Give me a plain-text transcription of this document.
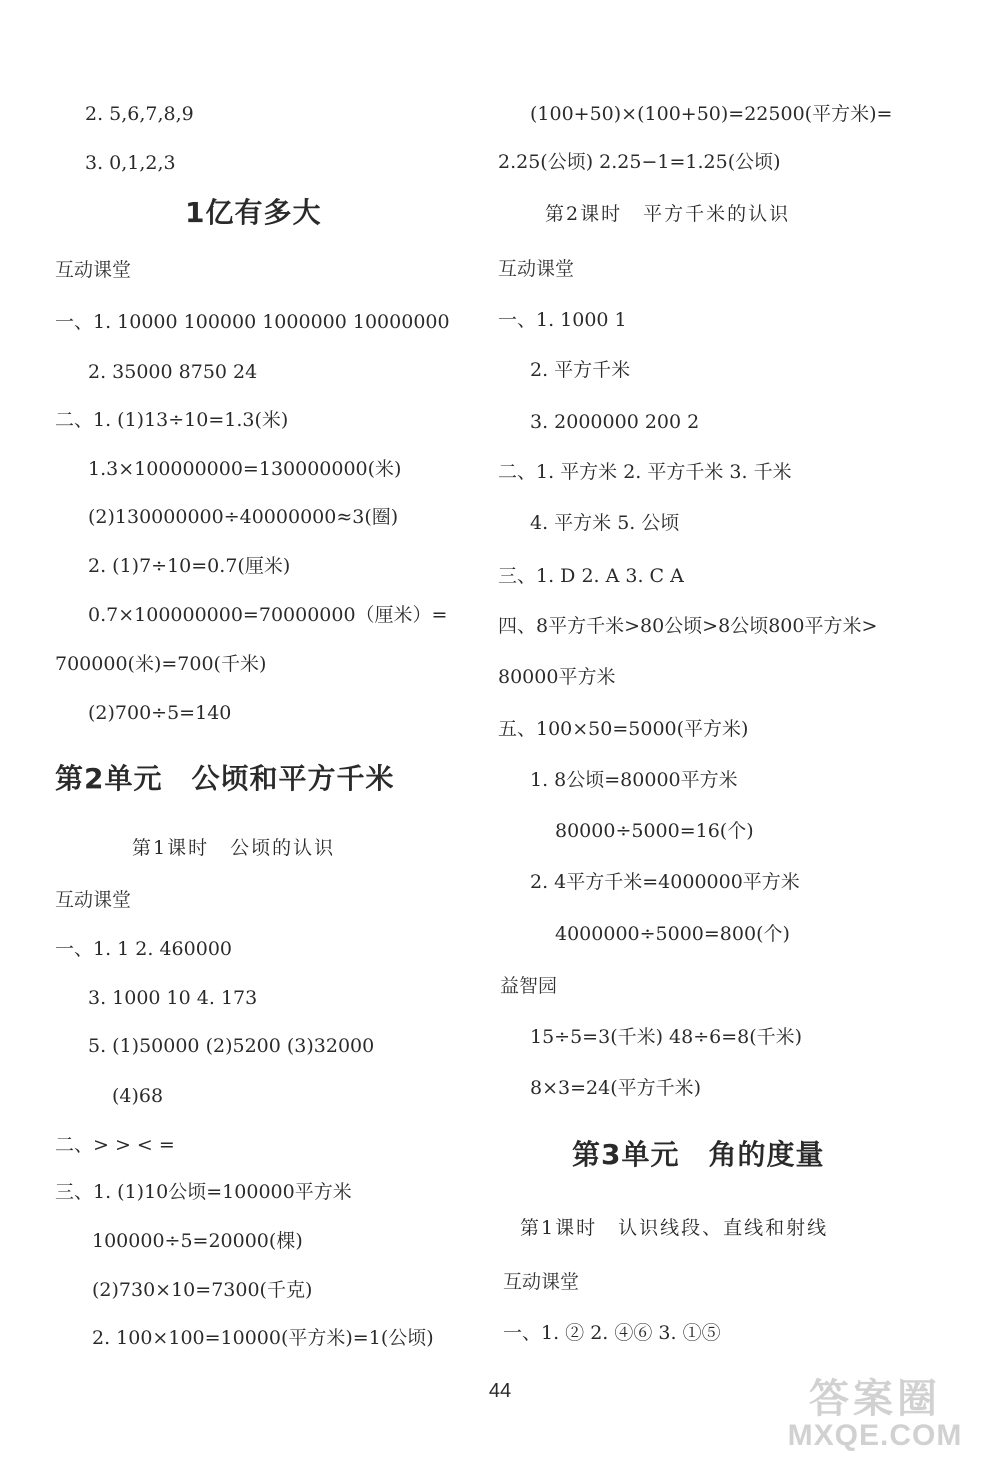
2. 5,6,7,8,9
3. 0,1,2,3
1亿有多大
互动课堂
一、1. 10000 100000 1000000 10000000
2. 35000 8750 24
二、1. (1)13÷10=1.3(米)
1.3×100000000=130000000(米)
(2)130000000÷40000000≈3(圈)
2. (1)7÷10=0.7(厘米)
0.7×100000000=70000000（厘米）=
700000(米)=700(千米)
(2)700÷5=140
第2单元　公顷和平方千米
第1课时　公顷的认识
互动课堂
一、1. 1 2. 460000
3. 1000 10 4. 173
5. (1)50000 (2)5200 (3)32000
(4)68
二、> > < =
三、1. (1)10公顷=100000平方米
100000÷5=20000(棵)
(2)730×10=7300(千克)
2. 100×100=10000(平方米)=1(公顷)
(100+50)×(100+50)=22500(平方米)=
2.25(公顷) 2.25−1=1.25(公顷)
第2课时　平方千米的认识
互动课堂
一、1. 1000 1
2. 平方千米
3. 2000000 200 2
二、1. 平方米 2. 平方千米 3. 千米
4. 平方米 5. 公顷
三、1. D 2. A 3. C A
四、8平方千米>80公顷>8公顷800平方米>
80000平方米
五、100×50=5000(平方米)
1. 8公顷=80000平方米
80000÷5000=16(个)
2. 4平方千米=4000000平方米
4000000÷5000=800(个)
益智园
15÷5=3(千米) 48÷6=8(千米)
8×3=24(平方千米)
第3单元　角的度量
第1课时　认识线段、直线和射线
互动课堂
一、1. ② 2. ④⑥ 3. ①⑤
44	答案圈
MXQE.COM
